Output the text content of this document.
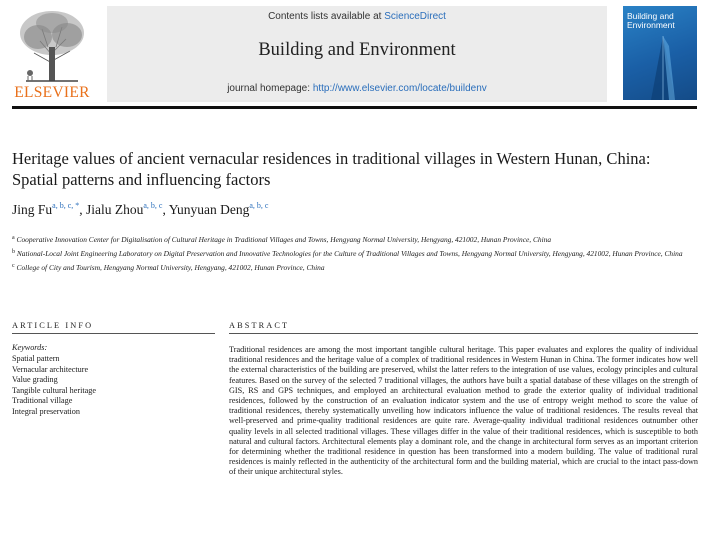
ELSEVIER
Contents lists available at ScienceDirect
Building and Environment
journal homepage: http://www.elsevier.com/locate/buildenv
Building and Environment
Heritage values of ancient vernacular residences in traditional villages in Western Hunan, China: Spatial patterns and influencing factors
Jing $Fu^{a, b, c, *}$, Jialu Zhou$^{a, b, c}$, Yunyuan Deng$^{a, b, c}$

$^a$ Cooperative Innovation Center for Digitalisation of Cultural Heritage in Traditional Villages and Towns, Hengyang Normal University, Hengyang, 421002, Hunan Province, China

$^b$ National-Local Joint Engineering Laboratory on Digital Preservation and Innovative Technologies for the Culture of Traditional Villages and Towns, Hengyang Normal University, Hengyang, 421002, Hunan Province, China

$^c$ College of City and Tourism, Hengyang Normal University, Hengyang, 421002, Hunan Province, China

ARTICLE INFO
Keywords:
Spatial pattern
Vernacular architecture
Value grading
Tangible cultural heritage
Traditional village
Integral preservation
ABSTRACT

Traditional residences are among the most important tangible cultural heritage. This paper evaluates and explores the quality of individual traditional residences and the heritage value of a complex of traditional residences in Western Hunan in China. The former indicates how well the external characteristics of the building are preserved, whilst the latter refers to the integration of use values, ecology principles and cultural features. Based on the survey of the selected 7 traditional villages, the authors have built a spatial database of these villages on the strength of GIS, RS and GPS techniques, and employed an architectural evaluation method to grade the exterior quality of individual traditional residences, followed by the construction of an evaluation indicator system and the use of entropy weight method to score the value of traditional residences, thereby systematically unveiling how indicators influence the value of traditional residences. The results reveal that well-preserved and prime-quality traditional residences are quite rare. Average-quality individual traditional residences outnumber other quality levels in all selected traditional villages. These villages differ in the value of their traditional residences, which is susceptible to both natural and cultural factors. Architectural elements play a dominant role, and the change in architectural form serves as an important criterion for determining whether the traditional residence in question has been transformed into a modern building. The value of traditional rural residences is mainly reflected in the authenticity of the architectural form and the building material, which are crucial to the intact pass-down of their unique architectural styles.
